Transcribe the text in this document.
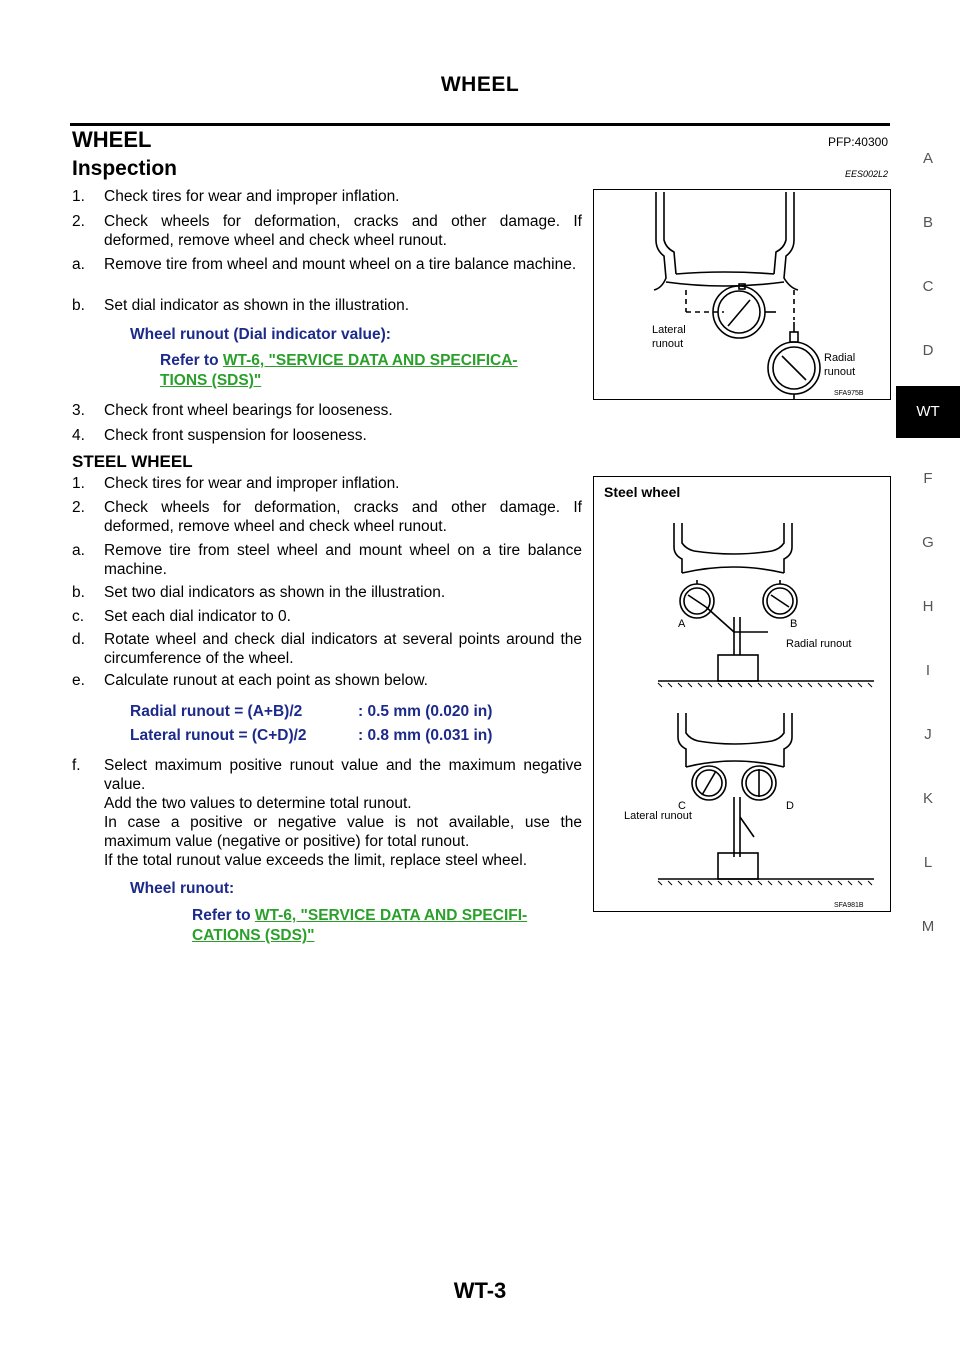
WHEEL
WHEEL	PFP:40300
Inspection	EES002L2
1. Check tires for wear and improper inflation.
2. Check wheels for deformation, cracks and other damage. If deformed, remove wheel and check wheel runout.
a. Remove tire from wheel and mount wheel on a tire balance machine.
b. Set dial indicator as shown in the illustration.
Wheel runout (Dial indicator value):
Refer to WT-6, "SERVICE DATA AND SPECIFICA-
TIONS (SDS)"
3. Check front wheel bearings for looseness.
4. Check front suspension for looseness.
Lateral
runout
Radial
runout
SFA975B
STEEL WHEEL
1. Check tires for wear and improper inflation.
2. Check wheels for deformation, cracks and other damage. If deformed, remove wheel and check wheel runout.
a. Remove tire from steel wheel and mount wheel on a tire balance machine.
b. Set two dial indicators as shown in the illustration.
c. Set each dial indicator to 0.
d. Rotate wheel and check dial indicators at several points around the circumference of the wheel.
e. Calculate runout at each point as shown below.
Radial runout = (A+B)/2	: 0.5 mm (0.020 in)
Lateral runout = (C+D)/2	: 0.8 mm (0.031 in)
f. Select maximum positive runout value and the maximum negative value.
Add the two values to determine total runout.
In case a positive or negative value is not available, use the maximum value (negative or positive) for total runout.
If the total runout value exceeds the limit, replace steel wheel.
Wheel runout:
Refer to WT-6, "SERVICE DATA AND SPECIFI-
CATIONS (SDS)"
Steel wheel
A	B
Radial runout
C	D
Lateral runout
SFA981B
A
B
C
D
WT
F
G
H
I
J
K
L
M
WT-3
